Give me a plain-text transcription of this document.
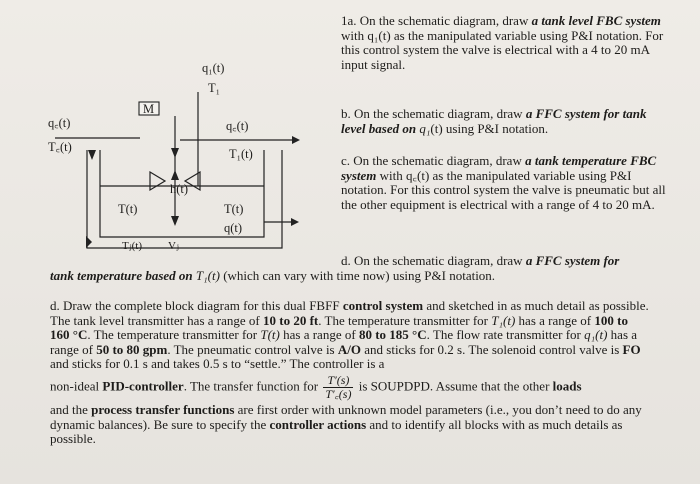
q₁(t)
T₁
M
q꜀(t)
T꜀(t)
q꜀(t)
T₁(t)
h(t)
T(t)	T(t)
q(t)
Tⱼ(t) Vⱼ

1a. On the schematic diagram, draw a tank level FBC system with q₁(t) as the manipulated variable using P&I notation. For this control system the valve is electrical with a 4 to 20 mA input signal.

b. On the schematic diagram, draw a FFC system for tank level based on q₁(t) using P&I notation.

c. On the schematic diagram, draw a tank temperature FBC system with q꜀(t) as the manipulated variable using P&I notation. For this control system the valve is pneumatic but all the other equipment is electrical with a range of 4 to 20 mA.

d. On the schematic diagram, draw a FFC system for

tank temperature based on T₁(t) (which can vary with time now) using P&I notation.

d. Draw the complete block diagram for this dual FBFF control system and sketched in as much detail as possible. The tank level transmitter has a range of 10 to 20 ft. The temperature transmitter for T₁(t) has a range of 100 to 160 °C. The temperature transmitter for T(t) has a range of 80 to 185 °C. The flow rate transmitter for q₁(t) has a range of 50 to 80 gpm. The pneumatic control valve is A/O and sticks for 0.2 s. The solenoid control valve is FO and sticks for 0.1 s and takes 0.5 s to “settle.” The controller is a

non-ideal PID-controller. The transfer function for $\frac{T'(s)}{T'꜀(s)}$ is SOUPDPD. Assume that the other loads

and the process transfer functions are first order with unknown model parameters (i.e., you don’t need to do any dynamic balances). Be sure to specify the controller actions and to identify all blocks with as much details as possible.
